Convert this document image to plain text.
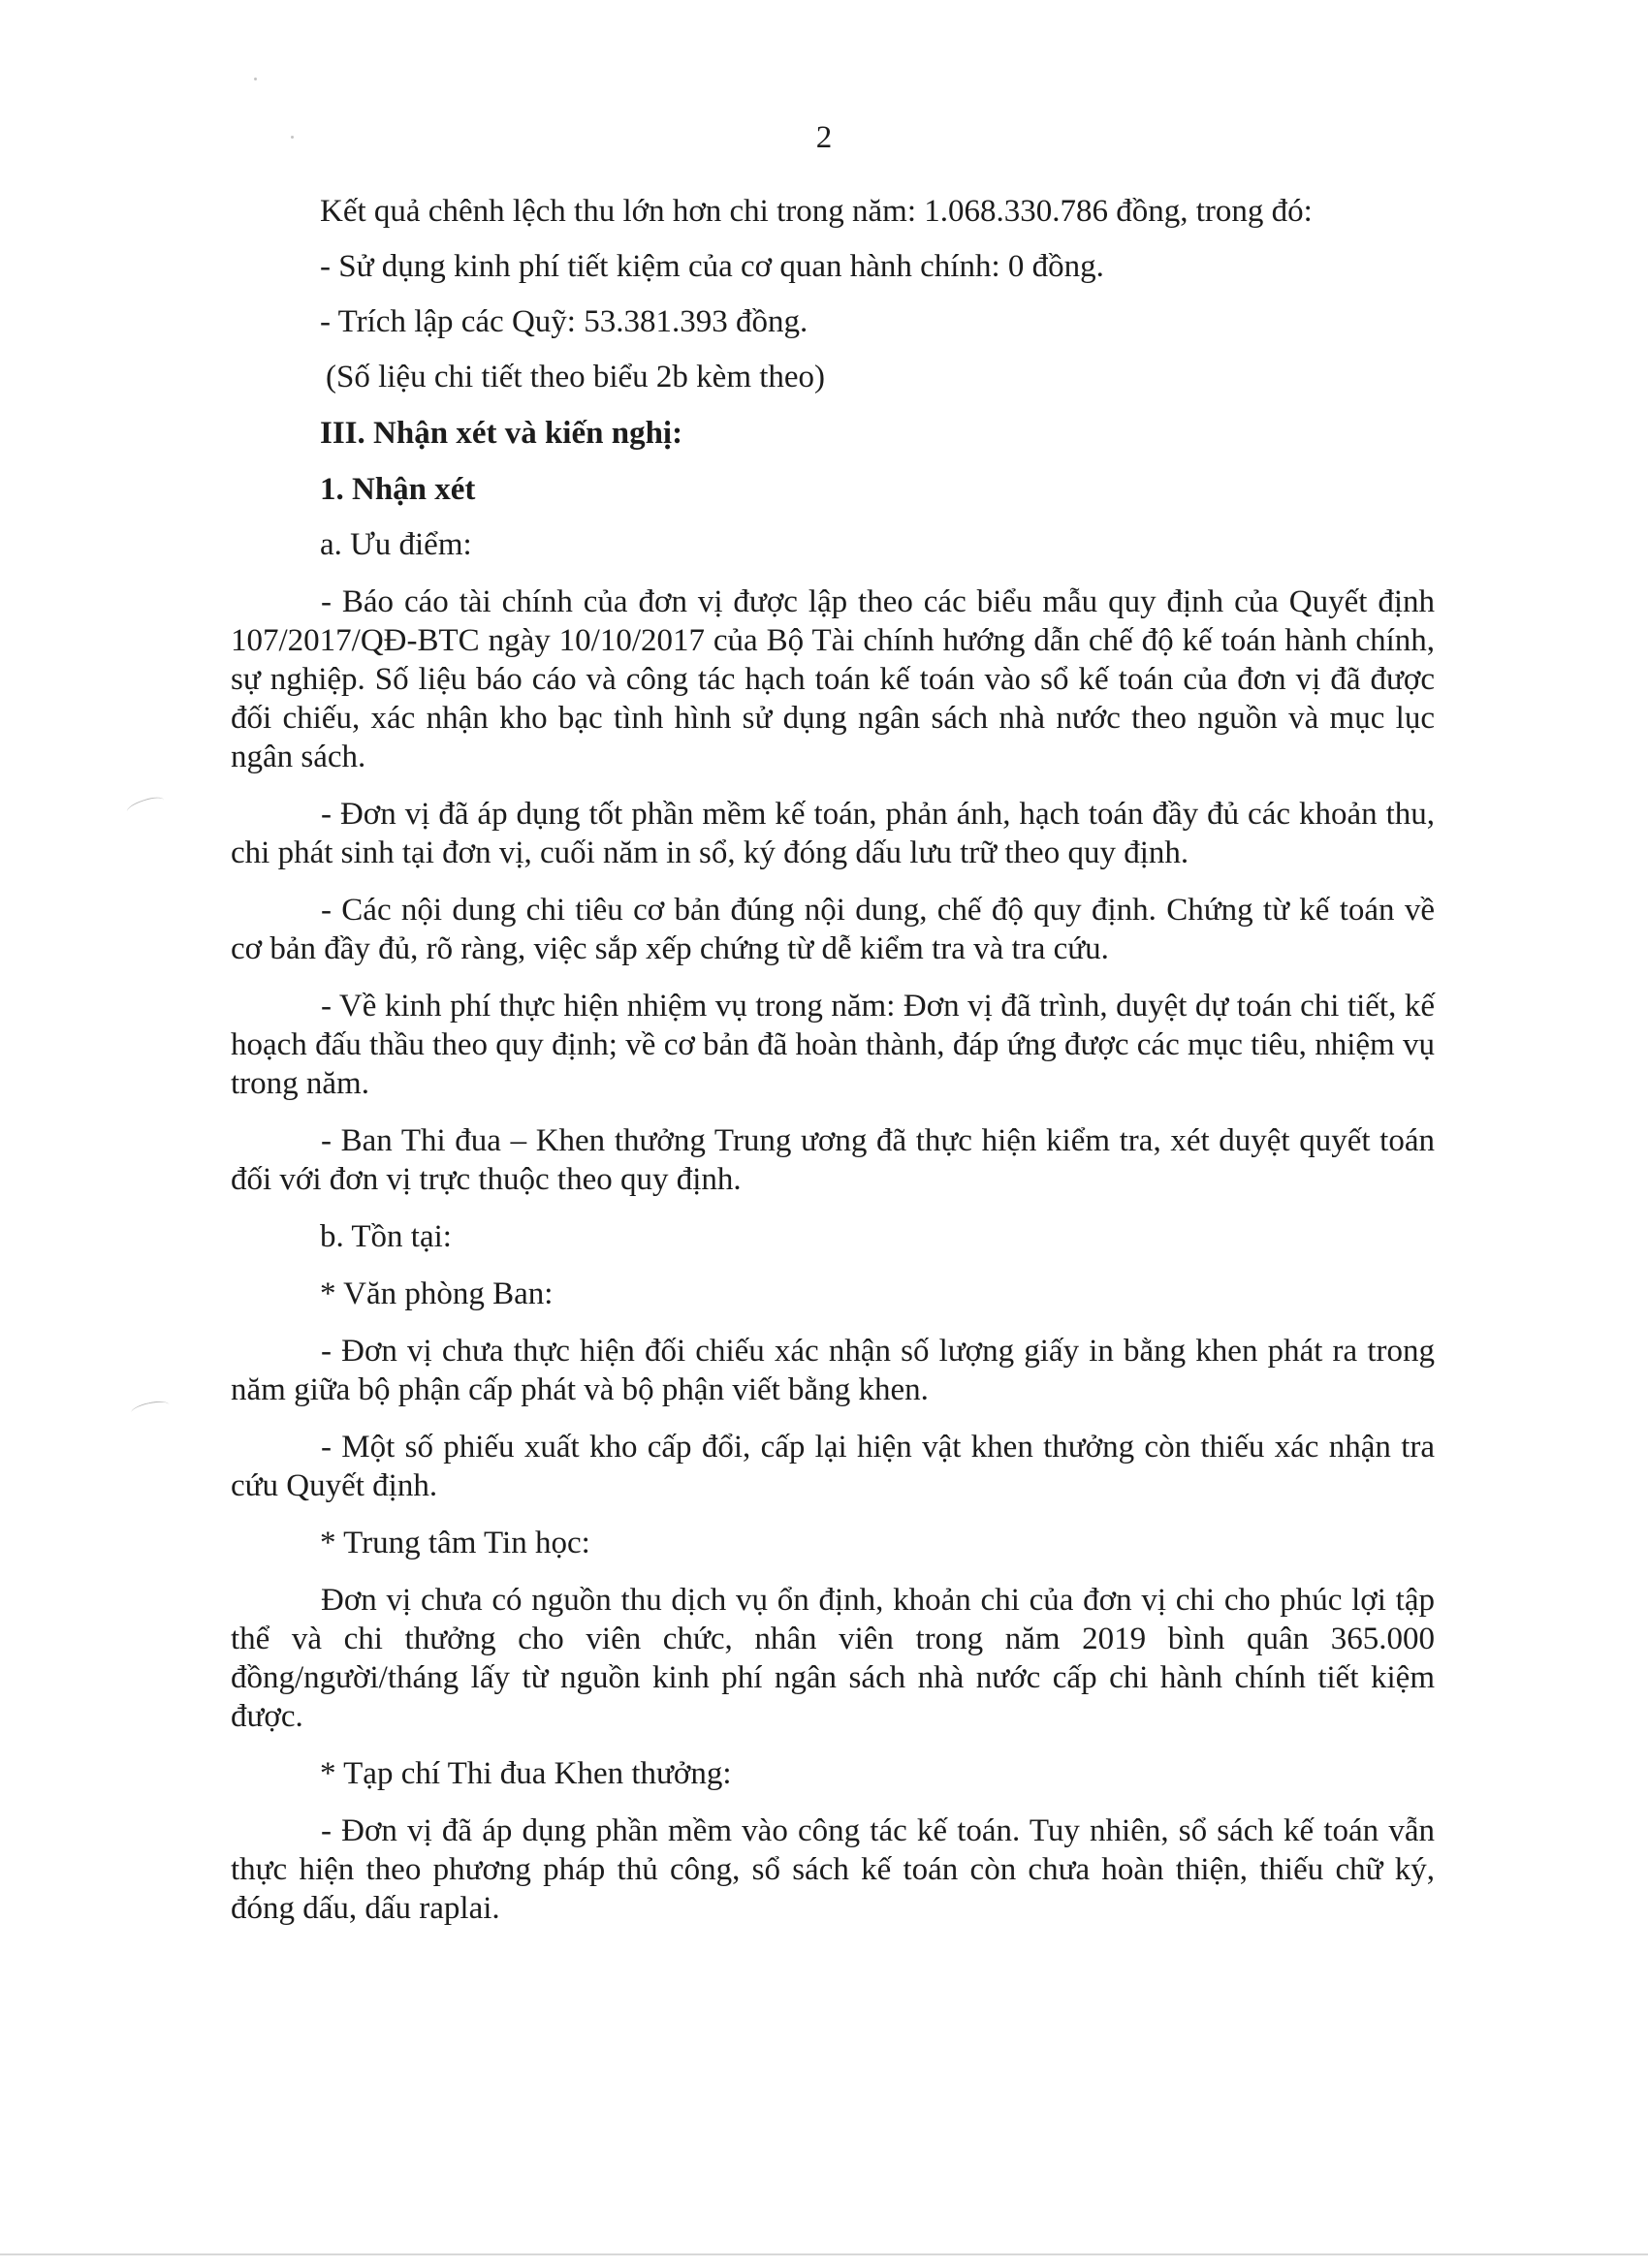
2

Kết quả chênh lệch thu lớn hơn chi trong năm: 1.068.330.786 đồng, trong đó:

- Sử dụng kinh phí tiết kiệm của cơ quan hành chính: 0 đồng.

- Trích lập các Quỹ: 53.381.393 đồng.

(Số liệu chi tiết theo biểu 2b kèm theo)

III. Nhận xét và kiến nghị:

1. Nhận xét

a. Ưu điểm:

- Báo cáo tài chính của đơn vị được lập theo các biểu mẫu quy định của Quyết định 107/2017/QĐ-BTC ngày 10/10/2017 của Bộ Tài chính hướng dẫn chế độ kế toán hành chính, sự nghiệp. Số liệu báo cáo và công tác hạch toán kế toán vào sổ kế toán của đơn vị đã được đối chiếu, xác nhận kho bạc tình hình sử dụng ngân sách nhà nước theo nguồn và mục lục ngân sách.

- Đơn vị đã áp dụng tốt phần mềm kế toán, phản ánh, hạch toán đầy đủ các khoản thu, chi phát sinh tại đơn vị, cuối năm in sổ, ký đóng dấu lưu trữ theo quy định.

- Các nội dung chi tiêu cơ bản đúng nội dung, chế độ quy định. Chứng từ kế toán về cơ bản đầy đủ, rõ ràng, việc sắp xếp chứng từ dễ kiểm tra và tra cứu.

- Về kinh phí thực hiện nhiệm vụ trong năm: Đơn vị đã trình, duyệt dự toán chi tiết, kế hoạch đấu thầu theo quy định; về cơ bản đã hoàn thành, đáp ứng được các mục tiêu, nhiệm vụ trong năm.

- Ban Thi đua – Khen thưởng Trung ương đã thực hiện kiểm tra, xét duyệt quyết toán đối với đơn vị trực thuộc theo quy định.

b. Tồn tại:

* Văn phòng Ban:

- Đơn vị chưa thực hiện đối chiếu xác nhận số lượng giấy in bằng khen phát ra trong năm giữa bộ phận cấp phát và bộ phận viết bằng khen.

- Một số phiếu xuất kho cấp đổi, cấp lại hiện vật khen thưởng còn thiếu xác nhận tra cứu Quyết định.

* Trung tâm Tin học:

Đơn vị chưa có nguồn thu dịch vụ ổn định, khoản chi của đơn vị chi cho phúc lợi tập thể và chi thưởng cho viên chức, nhân viên trong năm 2019 bình quân 365.000 đồng/người/tháng lấy từ nguồn kinh phí ngân sách nhà nước cấp chi hành chính tiết kiệm được.

* Tạp chí Thi đua Khen thưởng:

- Đơn vị đã áp dụng phần mềm vào công tác kế toán. Tuy nhiên, sổ sách kế toán vẫn thực hiện theo phương pháp thủ công, sổ sách kế toán còn chưa hoàn thiện, thiếu chữ ký, đóng dấu, dấu raplai.
